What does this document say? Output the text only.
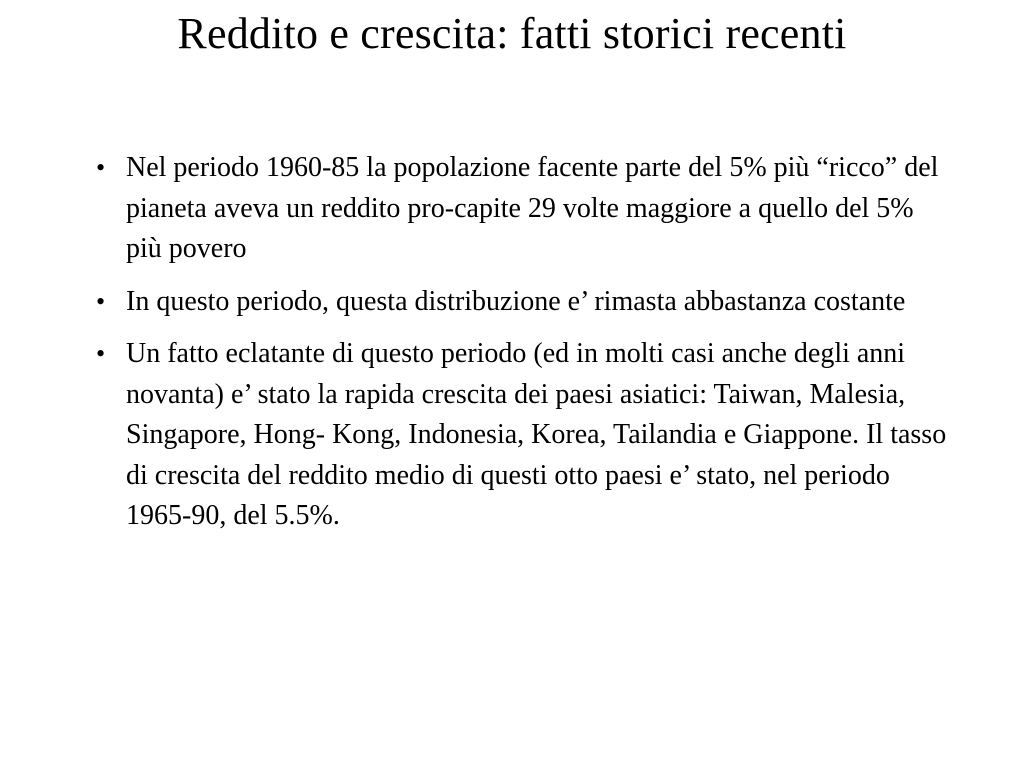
Reddito e crescita: fatti storici recenti
• Nel periodo 1960-85 la popolazione facente parte del 5% più “ricco” del pianeta aveva un reddito pro-capite 29 volte maggiore a quello del 5% più povero
• In questo periodo, questa distribuzione e’ rimasta abbastanza costante
• Un fatto eclatante di questo periodo (ed in molti casi anche degli anni novanta) e’ stato la rapida crescita dei paesi asiatici: Taiwan, Malesia, Singapore, Hong- Kong, Indonesia, Korea, Tailandia e Giappone. Il tasso di crescita del reddito medio di questi otto paesi e’ stato, nel periodo 1965-90, del 5.5%.
